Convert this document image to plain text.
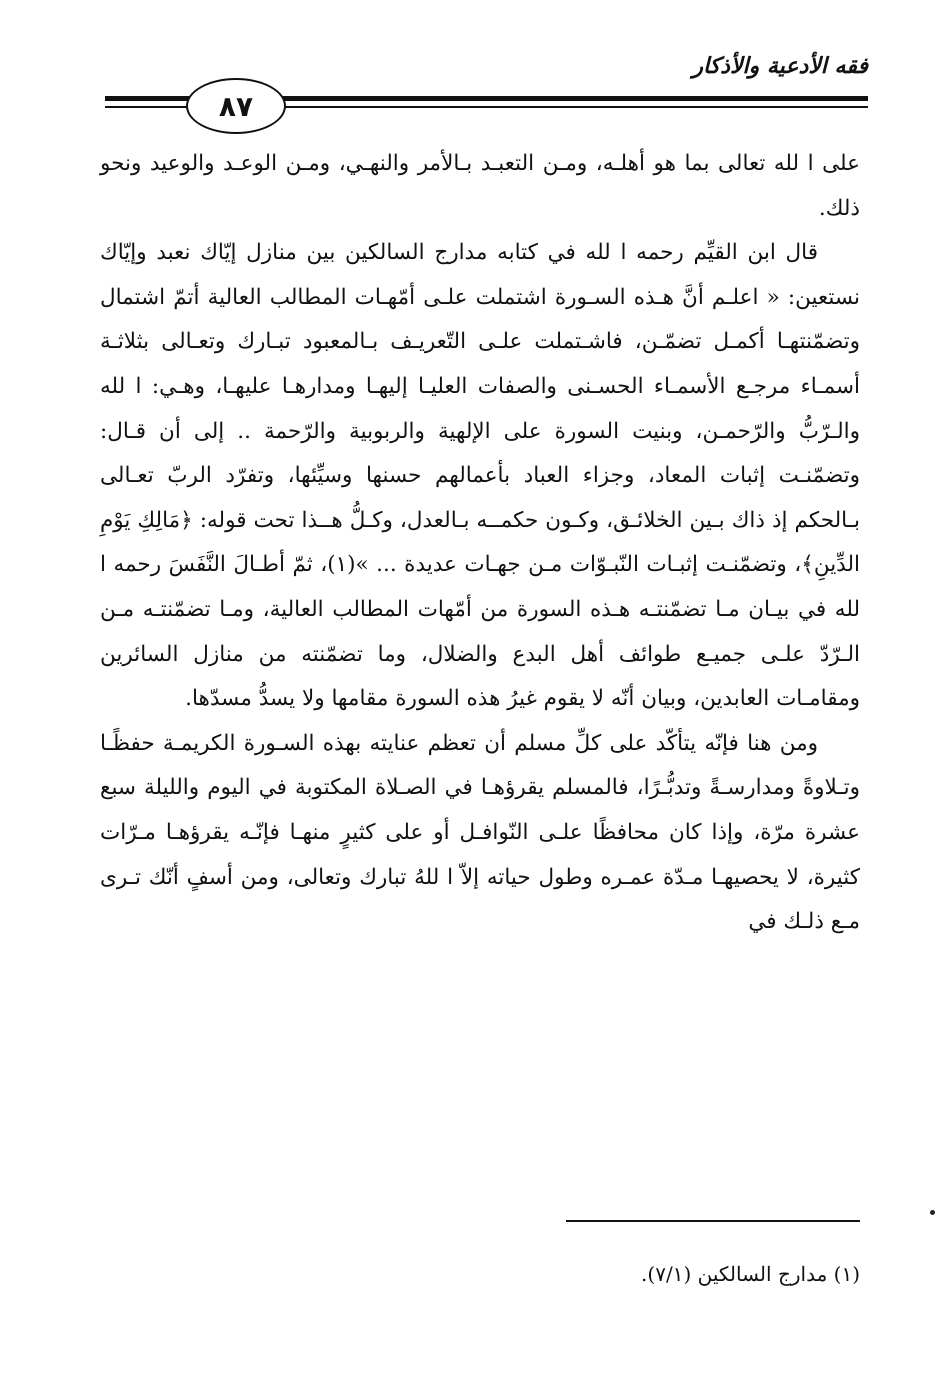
فقه الأدعية والأذكار
٨٧

على ا لله تعالى بما هو أهلـه، ومـن التعبـد بـالأمر والنهـي، ومـن الوعـد والوعيد ونحو ذلك.

قال ابن القيِّم رحمه ا لله في كتابه مدارج السالكين بين منازل إيّاك نعبد وإيّاك نستعين: « اعلـم أنَّ هـذه السـورة اشتملت علـى أمّهـات المطالب العالية أتمّ اشتمال وتضمّنتهـا أكمـل تضمّـن، فاشـتملت علـى التّعريـف بـالمعبود تبـارك وتعـالى بثلاثـة أسمـاء مرجـع الأسمـاء الحسـنى والصفات العليـا إليهـا ومدارهـا عليهـا، وهـي: ا لله والـرّبُّ والرّحمـن، وبنيت السورة على الإلهية والربوبية والرّحمة .. إلى أن قـال: وتضمّنـت إثبات المعاد، وجزاء العباد بأعمالهم حسنها وسيِّئها، وتفرّد الربّ تعـالى بـالحكم إذ ذاك بـين الخلائـق، وكـون حكمــه بـالعدل، وكـلُّ هــذا تحت قوله: ﴿مَالِكِ يَوْمِ الدِّينِ﴾، وتضمّنـت إثبـات النّبـوّات مـن جهـات عديدة ... »(١)، ثمّ أطـالَ النَّفَسَ رحمه ا لله في بيـان مـا تضمّنتـه هـذه السورة من أمّهات المطالب العالية، ومـا تضمّنتـه مـن الـرّدّ علـى جميـع طوائف أهل البدع والضلال، وما تضمّنته من منازل السائرين ومقامـات العابدين، وبيان أنّه لا يقوم غيرُ هذه السورة مقامها ولا يسدُّ مسدّها.

ومن هنا فإنّه يتأكّد على كلِّ مسلم أن تعظم عنايته بهذه السـورة الكريمـة حفظًـا وتـلاوةً ومدارسـةً وتدبُّـرًا، فالمسلم يقرؤهـا في الصـلاة المكتوبة في اليوم والليلة سبع عشرة مرّة، وإذا كان محافظًا علـى النّوافـل أو على كثيرٍ منهـا فإنّـه يقرؤهـا مـرّات كثيرة، لا يحصيهـا مـدّة عمـره وطول حياته إلاّ ا للهُ تبارك وتعالى، ومن أسفٍ أنّك تـرى مـع ذلـك في

(١) مدارج السالكين (٧/١).
